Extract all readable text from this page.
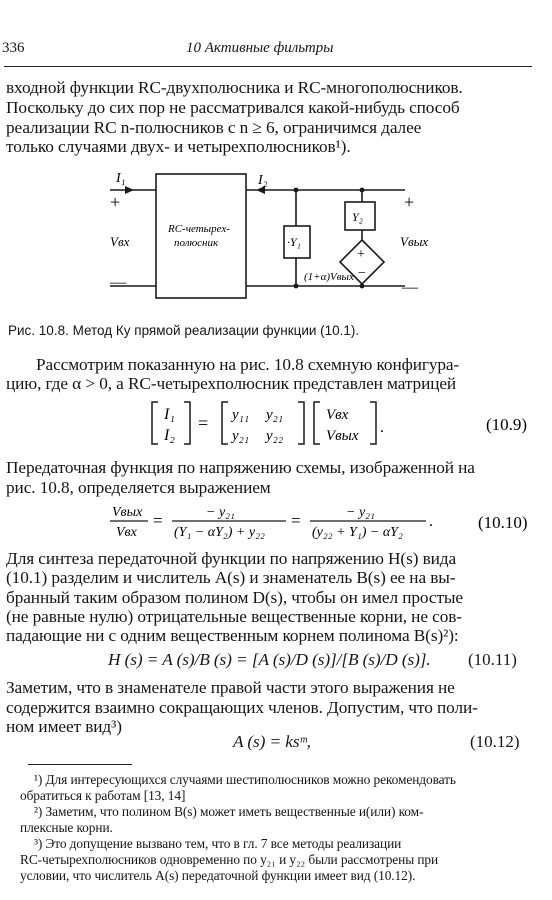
336	10 Активные фильтры
входной функции RC-двухполюсника и RC-многополюсников.
Поскольку до сих пор не рассматривался какой-нибудь способ
реализации RC n-полюсников с n ≥ 6, ограничимся далее
только случаями двух- и четырехполюсников¹).
I₁	I₂
+
—
Vвх
+
—
Vвых
RC-четырех-
полюсник	·Y₁
Y₂
+
−
(1+α)Vвых
Рис. 10.8. Метод Ку прямой реализации функции (10.1).
Рассмотрим показанную на рис. 10.8 схемную конфигура-
цию, где α > 0, а RC-четырехполюсник представлен матрицей
I₁
I₂
= y₁₁ y₂₁
y₂₁ y₂₂
Vвх
Vвых .	(10.9)
Передаточная функция по напряжению схемы, изображенной на
рис. 10.8, определяется выражением
Vвых
Vвх
=	− y₂₁
(Y₁ − αY₂) + y₂₂
=	− y₂₁
(y₂₂ + Y₁) − αY₂
.	(10.10)
Для синтеза передаточной функции по напряжению H(s) вида
(10.1) разделим и числитель A(s) и знаменатель B(s) ее на вы-
бранный таким образом полином D(s), чтобы он имел простые
(не равные нулю) отрицательные вещественные корни, не сов-
падающие ни с одним вещественным корнем полинома B(s)²):
H (s) = A (s)/B (s) = [A (s)/D (s)]/[B (s)/D (s)]. (10.11)
Заметим, что в знаменателе правой части этого выражения не
содержится взаимно сокращающих членов. Допустим, что поли-
ном имеет вид³)
A (s) = ksᵐ,	(10.12)
¹) Для интересующихся случаями шестиполюсников можно рекомендовать
обратиться к работам [13, 14]
²) Заметим, что полином B(s) может иметь вещественные и(или) ком-
плексные корни.
³) Это допущение вызвано тем, что в гл. 7 все методы реализации
RC-четырехполюсников одновременно по y₂₁ и y₂₂ были рассмотрены при
условии, что числитель A(s) передаточной функции имеет вид (10.12).
